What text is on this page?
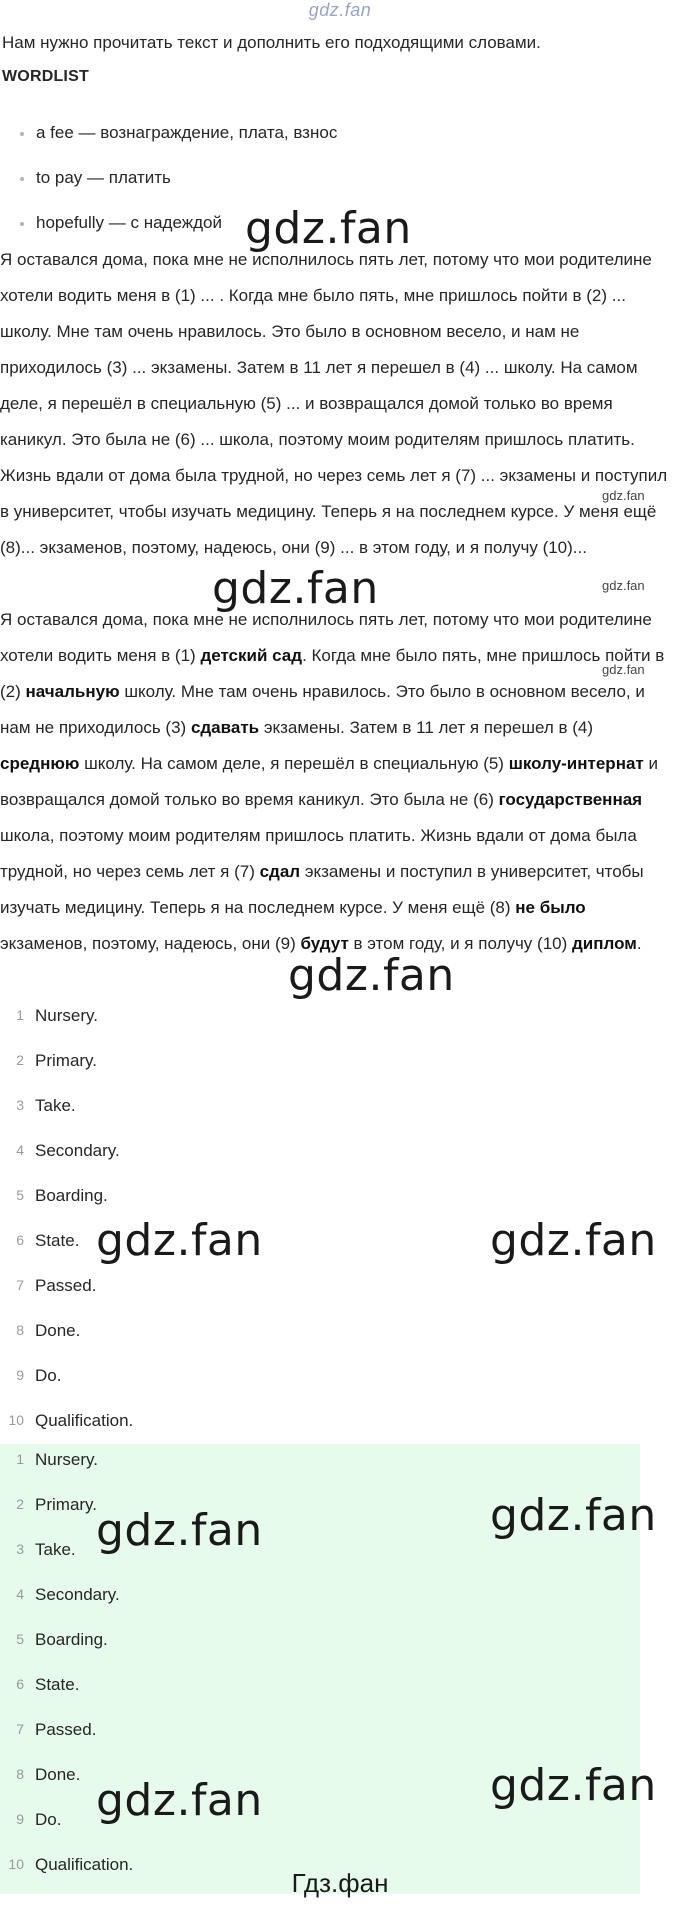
gdz.fan
Нам нужно прочитать текст и дополнить его подходящими словами.
WORDLIST
a fee — вознаграждение, плата, взнос
to pay — платить
hopefully — с надеждой

Я оставался дома, пока мне не исполнилось пять лет, потому что мои родителине хотели водить меня в (1) ... . Когда мне было пять, мне пришлось пойти в (2) ... школу. Мне там очень нравилось. Это было в основном весело, и нам не приходилось (3) ... экзамены. Затем в 11 лет я перешел в (4) ... школу. На самом деле, я перешёл в специальную (5) ... и возвращался домой только во время каникул. Это была не (6) ... школа, поэтому моим родителям пришлось платить. Жизнь вдали от дома была трудной, но через семь лет я (7) ... экзамены и поступил в университет, чтобы изучать медицину. Теперь я на последнем курсе. У меня ещё (8)... экзаменов, поэтому, надеюсь, они (9) ... в этом году, и я получу (10)...

Я оставался дома, пока мне не исполнилось пять лет, потому что мои родителине хотели водить меня в (1) детский сад. Когда мне было пять, мне пришлось пойти в (2) начальную школу. Мне там очень нравилось. Это было в основном весело, и нам не приходилось (3) сдавать экзамены. Затем в 11 лет я перешел в (4) среднюю школу. На самом деле, я перешёл в специальную (5) школу-интернат и возвращался домой только во время каникул. Это была не (6) государственная школа, поэтому моим родителям пришлось платить. Жизнь вдали от дома была трудной, но через семь лет я (7) сдал экзамены и поступил в университет, чтобы изучать медицину. Теперь я на последнем курсе. У меня ещё (8) не было экзаменов, поэтому, надеюсь, они (9) будут в этом году, и я получу (10) диплом.

1 Nursery.
2 Primary.
3 Take.
4 Secondary.
5 Boarding.
6 State.
7 Passed.
8 Done.
9 Do.
10 Qualification.
1 Nursery.
2 Primary.
3 Take.
4 Secondary.
5 Boarding.
6 State.
7 Passed.
8 Done.
9 Do.
10 Qualification.
gdz.fan
gdz.fan
gdz.fan
gdz.fan	gdz.fan
gdz.fan	gdz.fan
gdz.fan	gdz.fan
gdz.fan
gdz.fan
gdz.fan
Гдз.фан
